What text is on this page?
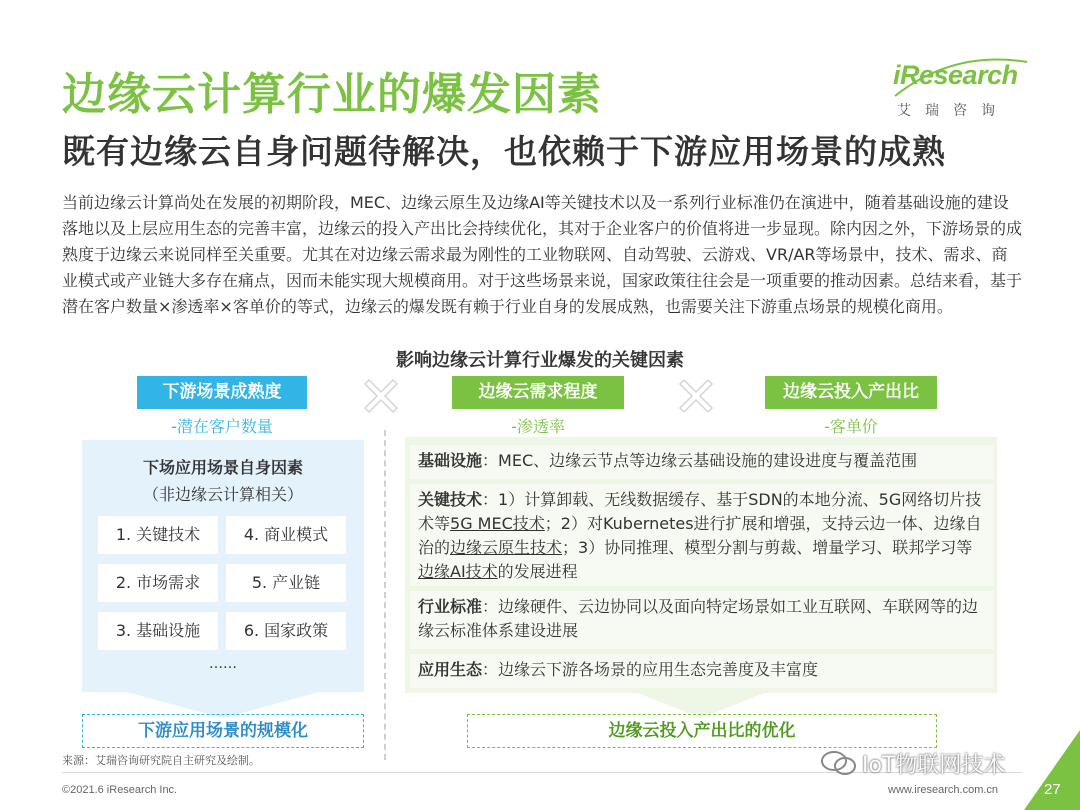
边缘云计算行业的爆发因素
既有边缘云自身问题待解决，也依赖于下游应用场景的成熟
iResearch
艾瑞咨询
当前边缘云计算尚处在发展的初期阶段，MEC、边缘云原生及边缘AI等关键技术以及一系列行业标准仍在演进中，随着基础设施的建设落地以及上层应用生态的完善丰富，边缘云的投入产出比会持续优化，其对于企业客户的价值将进一步显现。除内因之外，下游场景的成熟度于边缘云来说同样至关重要。尤其在对边缘云需求最为刚性的工业物联网、自动驾驶、云游戏、VR/AR等场景中，技术、需求、商业模式或产业链大多存在痛点，因而未能实现大规模商用。对于这些场景来说，国家政策往往会是一项重要的推动因素。总结来看，基于潜在客户数量×渗透率×客单价的等式，边缘云的爆发既有赖于行业自身的发展成熟，也需要关注下游重点场景的规模化商用。
影响边缘云计算行业爆发的关键因素
下游场景成熟度	边缘云需求程度	边缘云投入产出比
-潜在客户数量	-渗透率	-客单价
下场应用场景自身因素
（非边缘云计算相关）
1. 关键技术	4. 商业模式
2. 市场需求	5. 产业链
3. 基础设施	6. 国家政策
……
基础设施：MEC、边缘云节点等边缘云基础设施的建设进度与覆盖范围
关键技术：1）计算卸载、无线数据缓存、基于SDN的本地分流、5G网络切片技术等5G MEC技术；2）对Kubernetes进行扩展和增强，支持云边一体、边缘自治的边缘云原生技术；3）协同推理、模型分割与剪裁、增量学习、联邦学习等边缘AI技术的发展进程
行业标准：边缘硬件、云边协同以及面向特定场景如工业互联网、车联网等的边缘云标准体系建设进展
应用生态：边缘云下游各场景的应用生态完善度及丰富度
下游应用场景的规模化	边缘云投入产出比的优化
来源：艾瑞咨询研究院自主研究及绘制。
©2021.6 iResearch Inc.	www.iresearch.com.cn	27
IoT物联网技术
